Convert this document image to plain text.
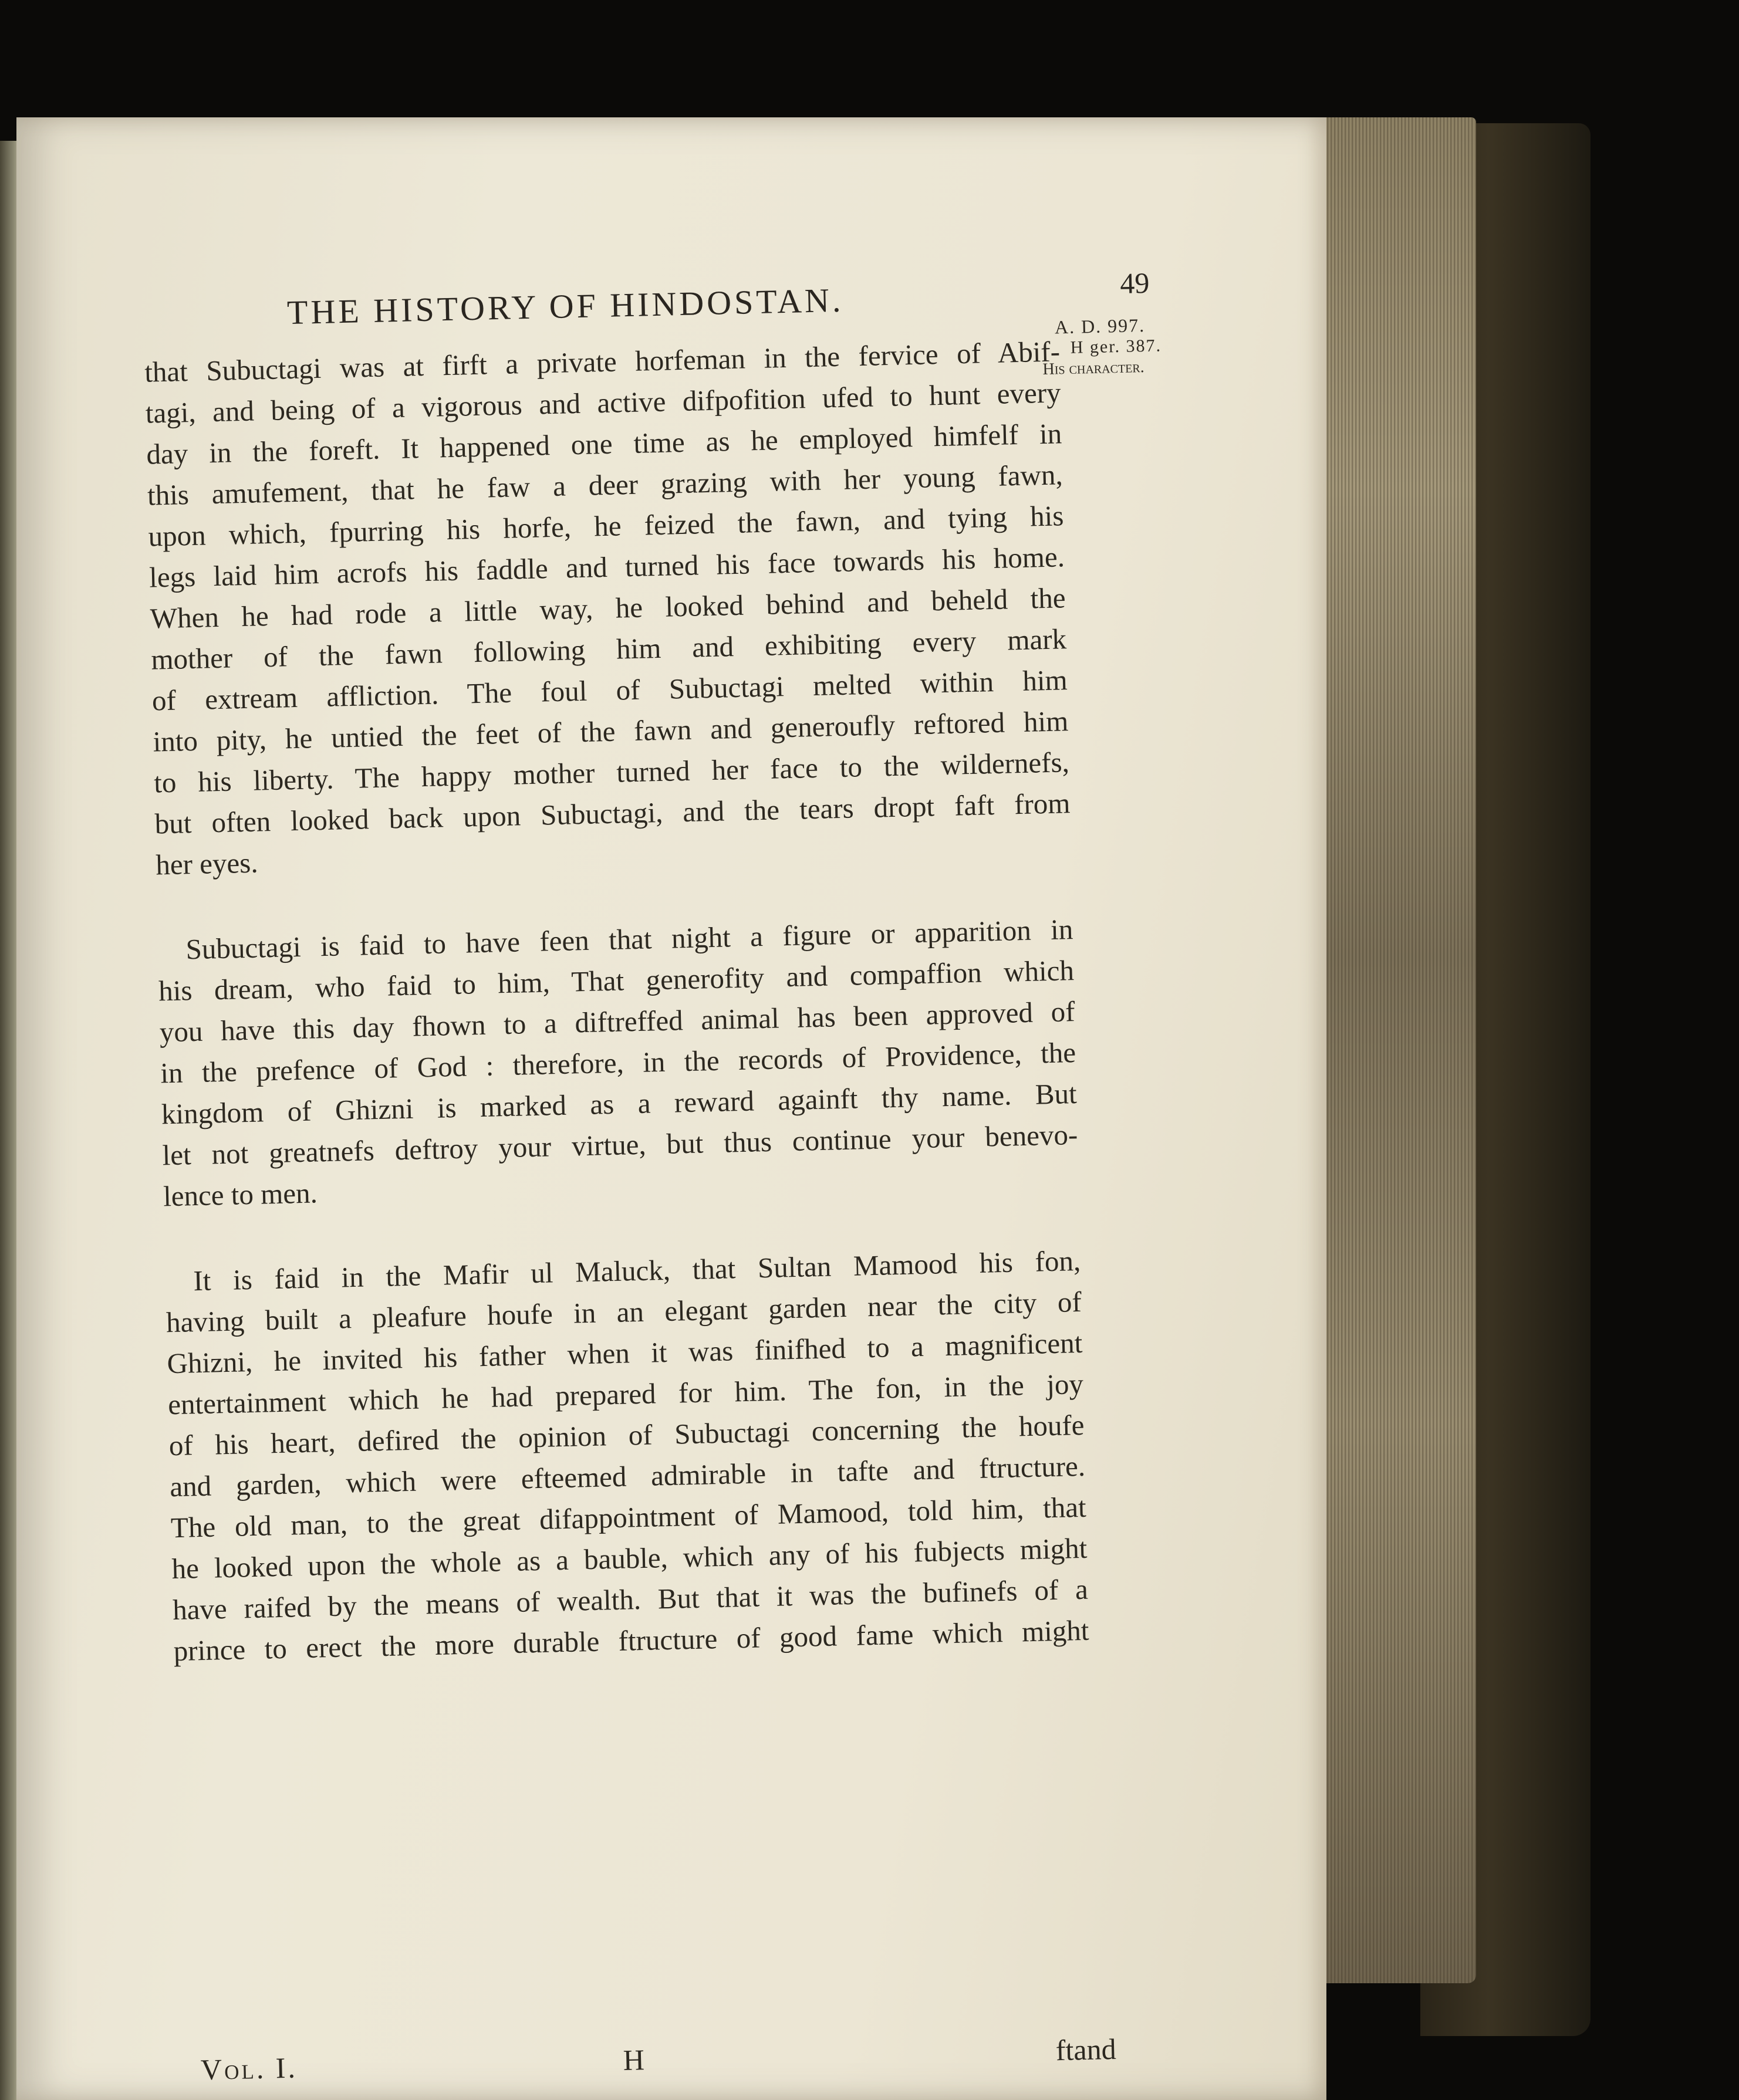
THE HISTORY OF HINDOSTAN.	49
A. D. 997.
H ger. 387.
His character.
that Subuctagi was at firft a private horfeman in the fervice of Abif-
tagi, and being of a vigorous and active difpofition ufed to hunt every
day in the foreft. It happened one time as he employed himfelf in
this amufement, that he faw a deer grazing with her young fawn,
upon which, fpurring his horfe, he feized the fawn, and tying his
legs laid him acrofs his faddle and turned his face towards his home.
When he had rode a little way, he looked behind and beheld the
mother of the fawn following him and exhibiting every mark
of extream affliction. The foul of Subuctagi melted within him
into pity, he untied the feet of the fawn and generoufly reftored him
to his liberty. The happy mother turned her face to the wildernefs,
but often looked back upon Subuctagi, and the tears dropt faft from
her eyes.
Subuctagi is faid to have feen that night a figure or apparition in
his dream, who faid to him, That generofity and compaffion which
you have this day fhown to a diftreffed animal has been approved of
in the prefence of God : therefore, in the records of Providence, the
kingdom of Ghizni is marked as a reward againft thy name. But
let not greatnefs deftroy your virtue, but thus continue your benevo-
lence to men.
It is faid in the Mafir ul Maluck, that Sultan Mamood his fon,
having built a pleafure houfe in an elegant garden near the city of
Ghizni, he invited his father when it was finifhed to a magnificent
entertainment which he had prepared for him. The fon, in the joy
of his heart, defired the opinion of Subuctagi concerning the houfe
and garden, which were efteemed admirable in tafte and ftructure.
The old man, to the great difappointment of Mamood, told him, that
he looked upon the whole as a bauble, which any of his fubjects might
have raifed by the means of wealth. But that it was the bufinefs of a
prince to erect the more durable ftructure of good fame which might
Vol. I.	H	ftand
